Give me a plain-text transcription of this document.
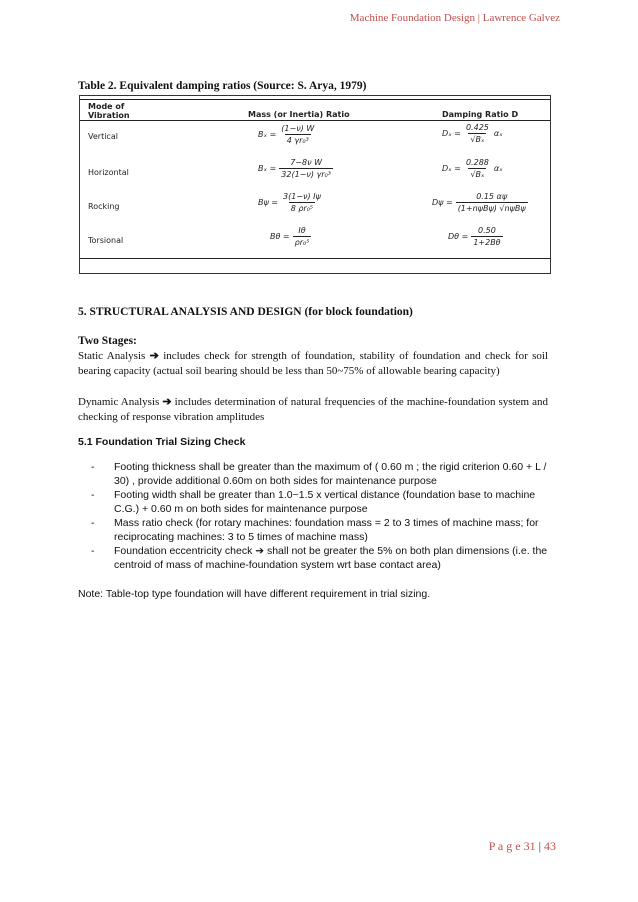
Machine Foundation Design | Lawrence Galvez
Table 2. Equivalent damping ratios (Source: S. Arya, 1979)
Mode of
Vibration	Mass (or Inertia) Ratio	Damping Ratio D
Vertical	$B_x = \frac{(1-\nu) W}{\text{4 γr₀³}}$	$D_x = \frac{0.425}{\text{√Bₓ}}$ αₓ
Horizontal	$B_x = \frac{\text{7−8ν W}}{\text{32(1−ν) γr₀³}}$	$D_x = \frac{0.288}{\text{√Bₓ}}$ αₓ
Rocking	$B\psi = \frac{3(1-\nu) I\psi}{\text{8 ρr₀⁵}}$	$D\psi = \frac{0.15 \alpha\psi}{\text{(1+nψBψ) √nψBψ}}$
Torsional	$B\theta = \frac{I\theta}{\text{ρr₀⁵}}$	$D\theta = \frac{0.50}{1+2B\theta}$
5. STRUCTURAL ANALYSIS AND DESIGN (for block foundation)
Two Stages:
Static Analysis ➔ includes check for strength of foundation, stability of foundation and check for soil bearing capacity (actual soil bearing should be less than 50~75% of allowable bearing capacity)
Dynamic Analysis ➔ includes determination of natural frequencies of the machine-foundation system and checking of response vibration amplitudes
5.1 Foundation Trial Sizing Check
- Footing thickness shall be greater than the maximum of ( 0.60 m ; the rigid criterion 0.60 + L / 30) , provide additional 0.60m on both sides for maintenance purpose
- Footing width shall be greater than 1.0~1.5 x vertical distance (foundation base to machine C.G.) + 0.60 m on both sides for maintenance purpose
- Mass ratio check (for rotary machines: foundation mass = 2 to 3 times of machine mass; for reciprocating machines: 3 to 5 times of machine mass)
- Foundation eccentricity check ➔ shall not be greater the 5% on both plan dimensions (i.e. the centroid of mass of machine-foundation system wrt base contact area)
Note: Table-top type foundation will have different requirement in trial sizing.
P a g e 31 | 43
